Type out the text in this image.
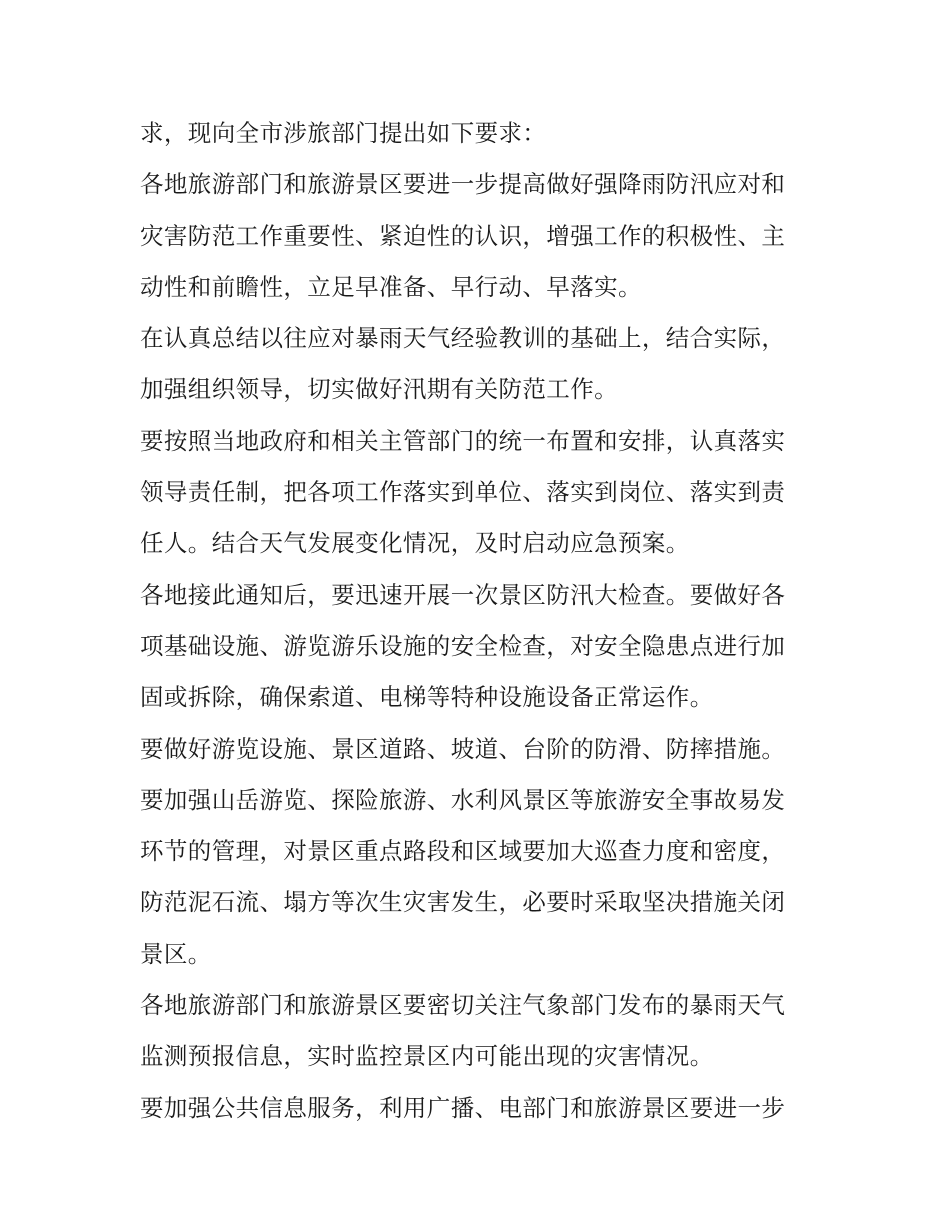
求，现向全市涉旅部门提出如下要求：
各地旅游部门和旅游景区要进一步提高做好强降雨防汛应对和
灾害防范工作重要性、紧迫性的认识，增强工作的积极性、主
动性和前瞻性，立足早准备、早行动、早落实。
在认真总结以往应对暴雨天气经验教训的基础上，结合实际，
加强组织领导，切实做好汛期有关防范工作。
要按照当地政府和相关主管部门的统一布置和安排，认真落实
领导责任制，把各项工作落实到单位、落实到岗位、落实到责
任人。结合天气发展变化情况，及时启动应急预案。
各地接此通知后，要迅速开展一次景区防汛大检查。要做好各
项基础设施、游览游乐设施的安全检查，对安全隐患点进行加
固或拆除，确保索道、电梯等特种设施设备正常运作。
要做好游览设施、景区道路、坡道、台阶的防滑、防摔措施。
要加强山岳游览、探险旅游、水利风景区等旅游安全事故易发
环节的管理，对景区重点路段和区域要加大巡查力度和密度，
防范泥石流、塌方等次生灾害发生，必要时采取坚决措施关闭
景区。
各地旅游部门和旅游景区要密切关注气象部门发布的暴雨天气
监测预报信息，实时监控景区内可能出现的灾害情况。
要加强公共信息服务，利用广播、电部门和旅游景区要进一步
